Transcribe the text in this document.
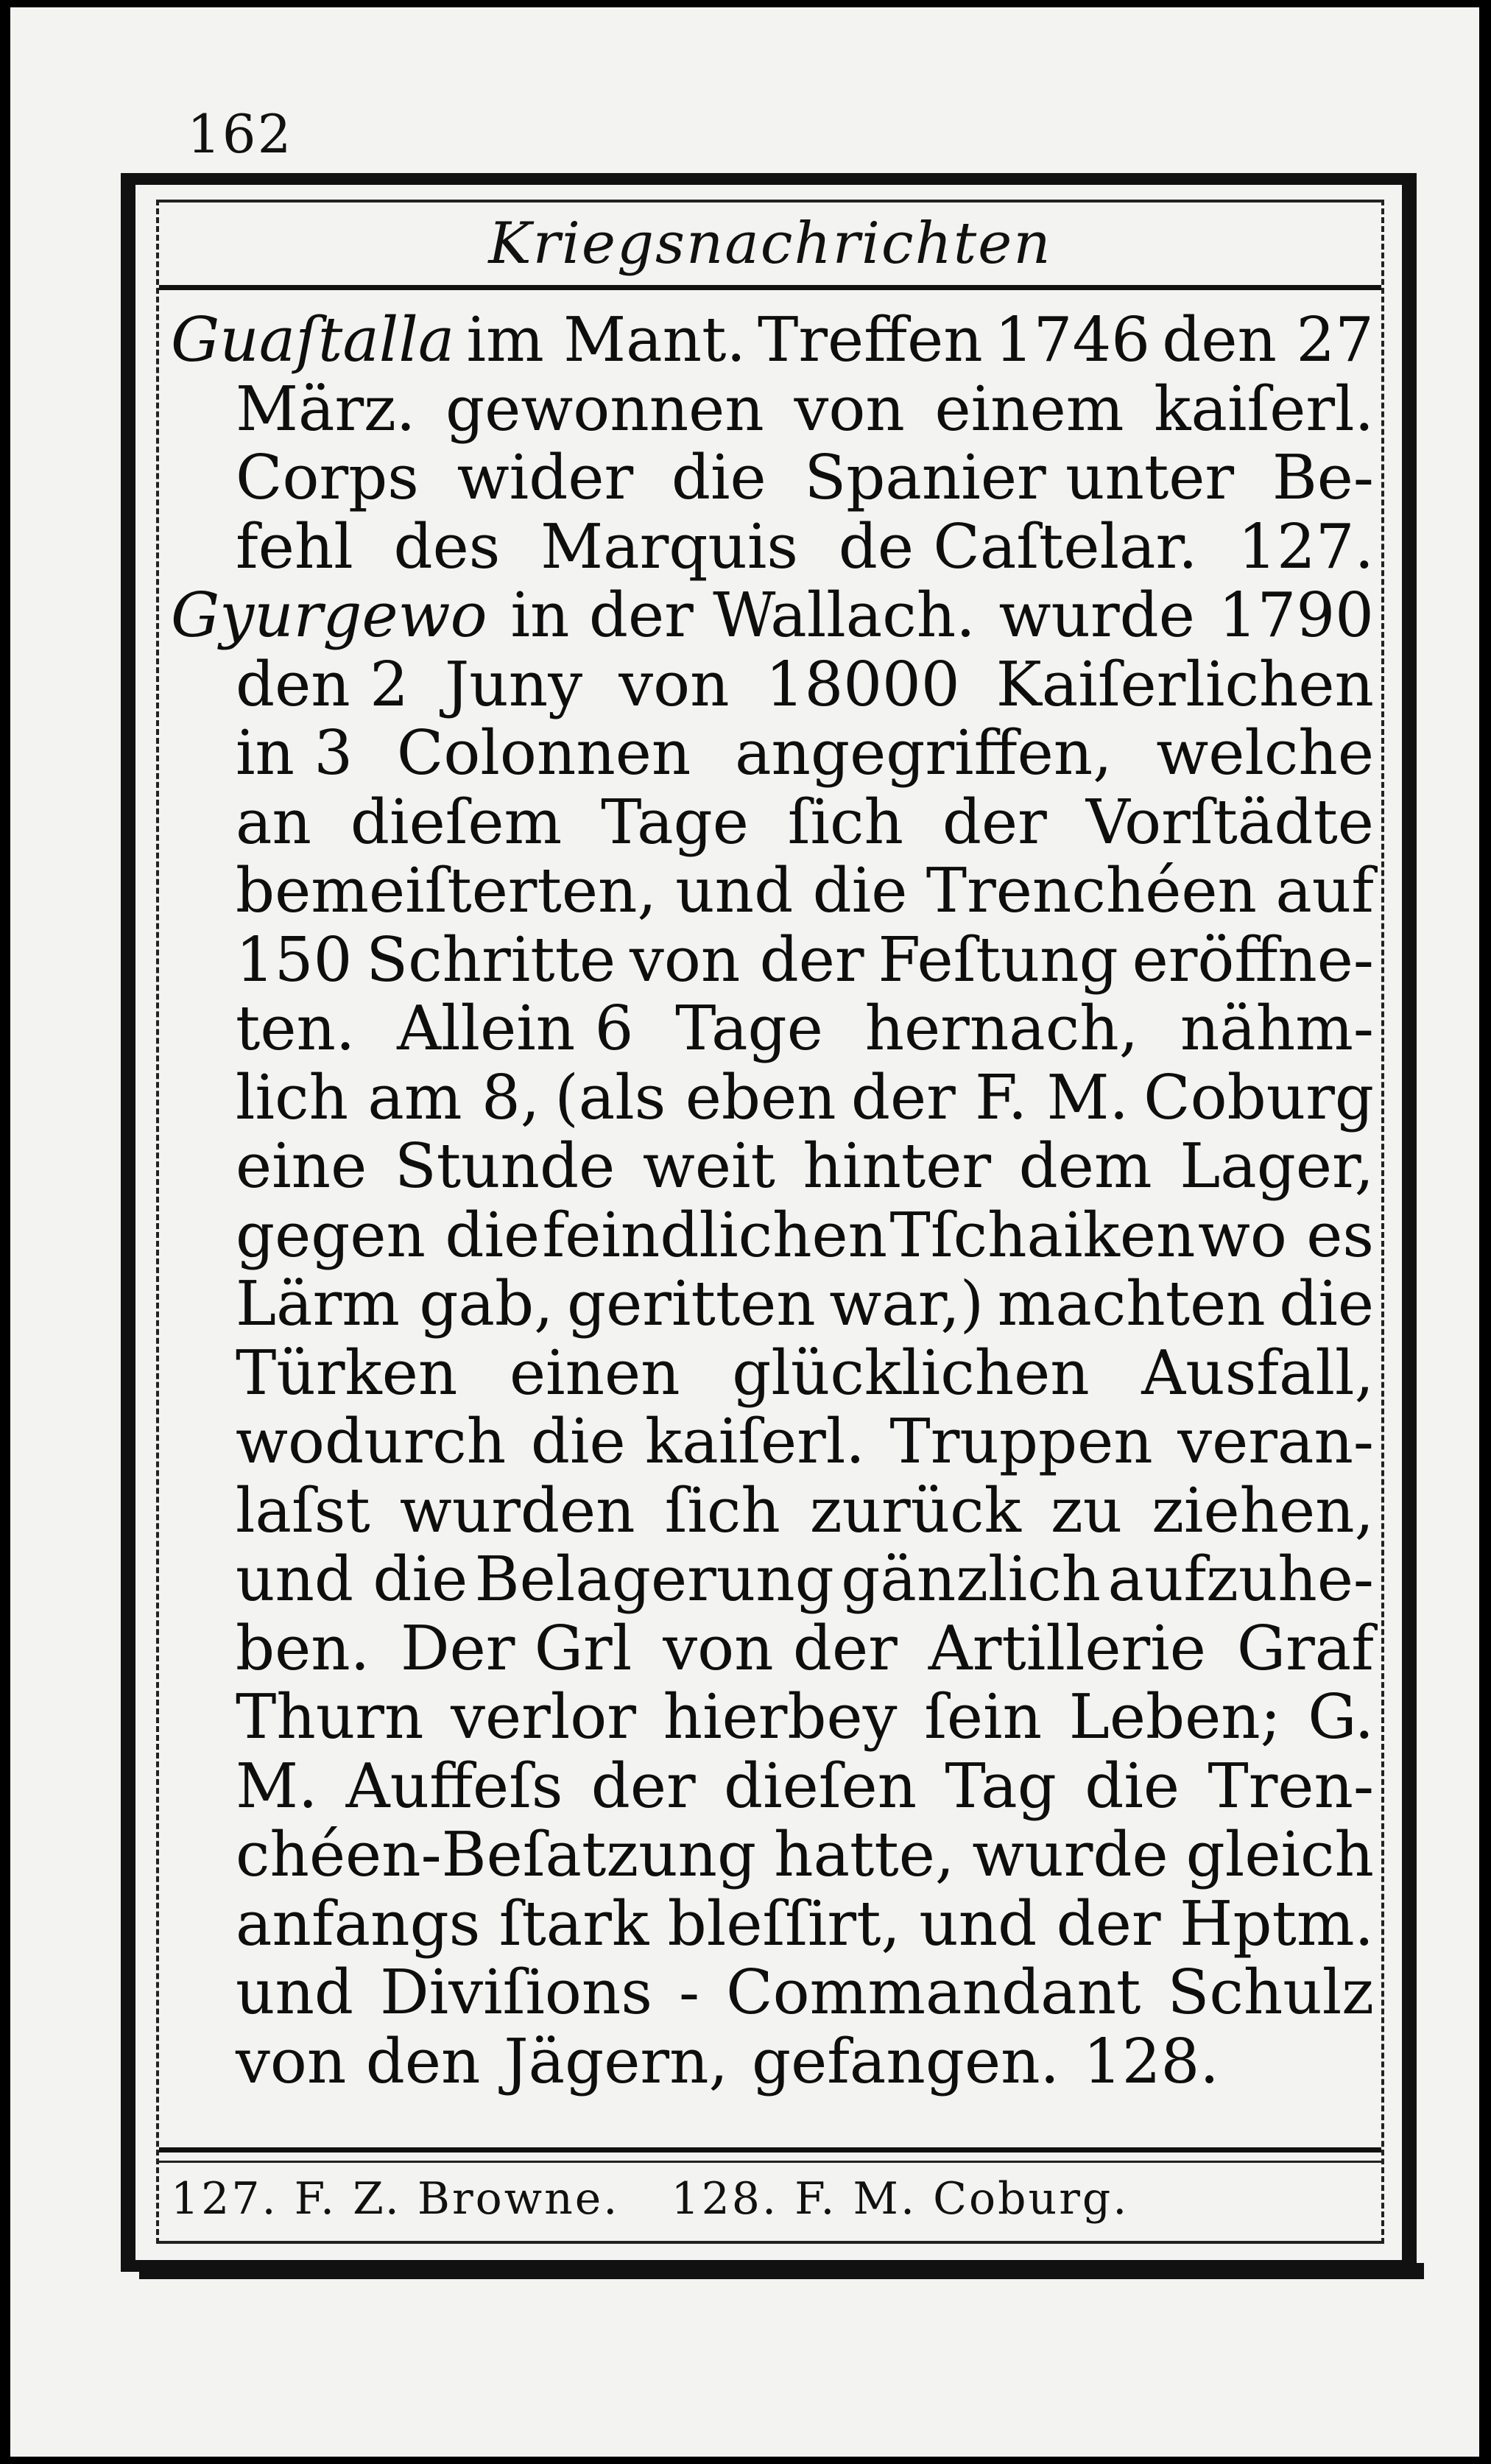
162
Kriegsnachrichten
Guaſtalla im Mant. Treffen 1746 den 27
März. gewonnen von einem kaiſerl.
Corps wider die Spanier unter Be-
fehl des Marquis de Caſtelar. 127.
Gyurgewo in der Wallach. wurde 1790
den 2 Juny von 18000 Kaiſerlichen
in 3 Colonnen angegriffen, welche
an dieſem Tage ſich der Vorſtädte
bemeiſterten, und die Trenchéen auf
150 Schritte von der Feſtung eröffne-
ten. Allein 6 Tage hernach, nähm-
lich am 8, (als eben der F. M. Coburg
eine Stunde weit hinter dem Lager,
gegen die feindlichen Tſchaiken wo es
Lärm gab, geritten war,) machten die
Türken einen glücklichen Ausfall,
wodurch die kaiſerl. Truppen veran-
laſst wurden ſich zurück zu ziehen,
und die Belagerung gänzlich aufzuhe-
ben. Der Grl von der Artillerie Graf
Thurn verlor hierbey ſein Leben; G.
M. Auffeſs der dieſen Tag die Tren-
chéen-Beſatzung hatte, wurde gleich
anfangs ſtark bleſſirt, und der Hptm.
und Diviſions - Commandant Schulz
von den Jägern, gefangen. 128.
127. F. Z. Browne. 128. F. M. Coburg.
